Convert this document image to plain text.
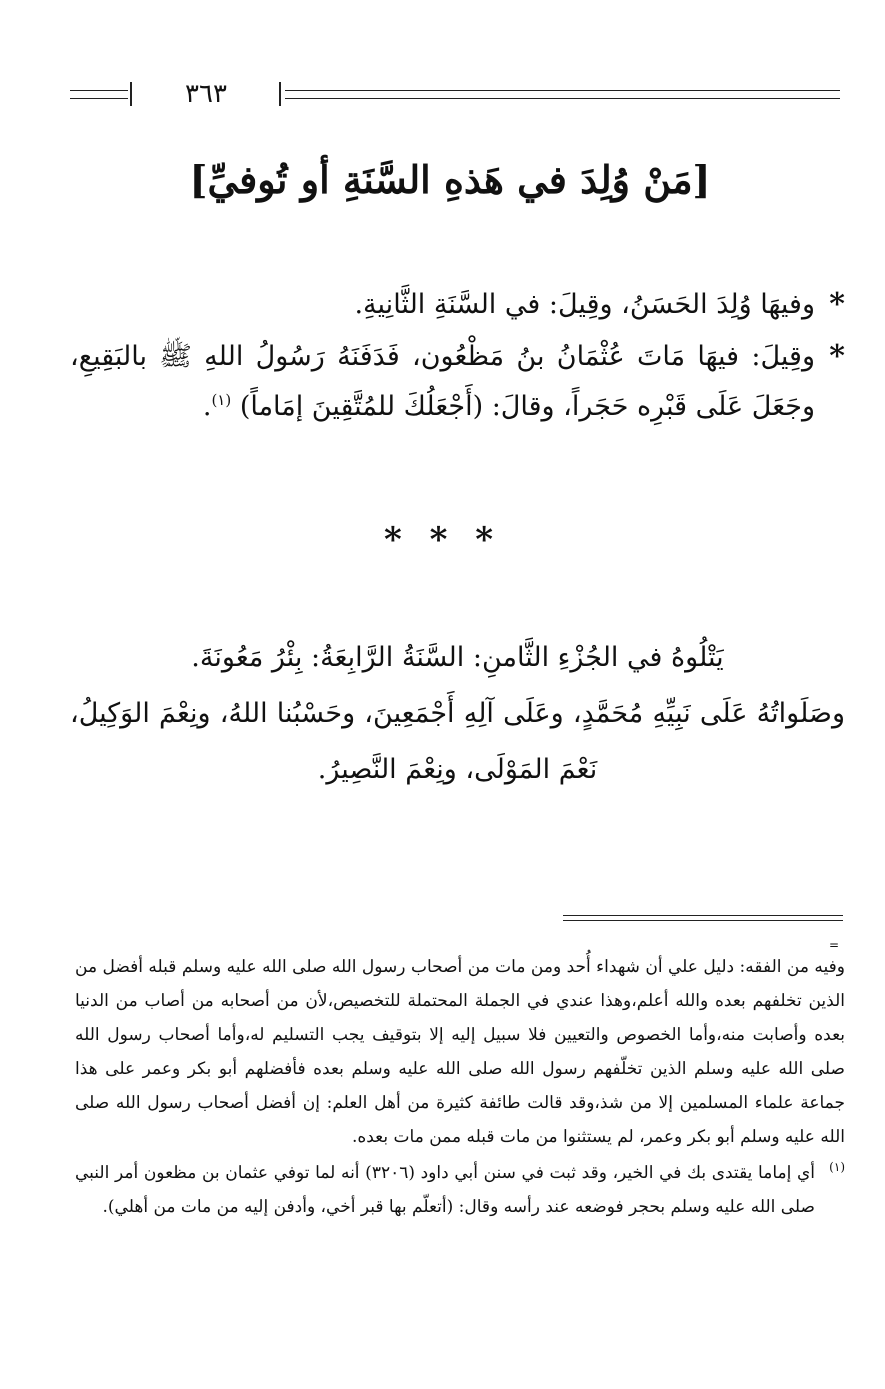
٣٦٣
[مَنْ وُلِدَ في هَذهِ السَّنَةِ أو تُوفيِّ]
*
وفيهَا وُلِدَ الحَسَنُ، وقِيلَ: في السَّنَةِ الثَّانِيةِ.
*
وقِيلَ: فيهَا مَاتَ عُثْمَانُ بنُ مَظْعُون، فَدَفَنَهُ رَسُولُ اللهِ ﷺ بالبَقِيعِ، وجَعَلَ عَلَى قَبْرِه حَجَراً، وقالَ: (أَجْعَلُكَ للمُتَّقِينَ إمَاماً) $^{(١)}$.
* * *

يَتْلُوهُ في الجُزْءِ الثَّامنِ: السَّنَةُ الرَّابِعَةُ: بِئْرُ مَعُونَةَ.

وصَلَواتُهُ عَلَى نَبِيِّهِ مُحَمَّدٍ، وعَلَى آلِهِ أَجْمَعِينَ، وحَسْبُنا اللهُ، ونِعْمَ الوَكِيلُ، نَعْمَ المَوْلَى، ونِعْمَ النَّصِيرُ.

=

وفيه من الفقه: دليل علي أن شهداء أُحد ومن مات من أصحاب رسول الله صلى الله عليه وسلم قبله أفضل من الذين تخلفهم بعده والله أعلم،وهذا عندي في الجملة المحتملة للتخصيص،لأن من أصحابه من أصاب من الدنيا بعده وأصابت منه،وأما الخصوص والتعيين فلا سبيل إليه إلا بتوقيف يجب التسليم له،وأما أصحاب رسول الله صلى الله عليه وسلم الذين تخلّفهم رسول الله صلى الله عليه وسلم بعده فأفضلهم أبو بكر وعمر على هذا جماعة علماء المسلمين إلا من شذ،وقد قالت طائفة كثيرة من أهل العلم: إن أفضل أصحاب رسول الله صلى الله عليه وسلم أبو بكر وعمر، لم يستثنوا من مات قبله ممن مات بعده.

(١)

أي إماما يقتدى بك في الخير، وقد ثبت في سنن أبي داود (٣٢٠٦) أنه لما توفي عثمان بن مظعون أمر النبي صلى الله عليه وسلم بحجر فوضعه عند رأسه وقال: (أتعلّم بها قبر أخي، وأدفن إليه من مات من أهلي).
